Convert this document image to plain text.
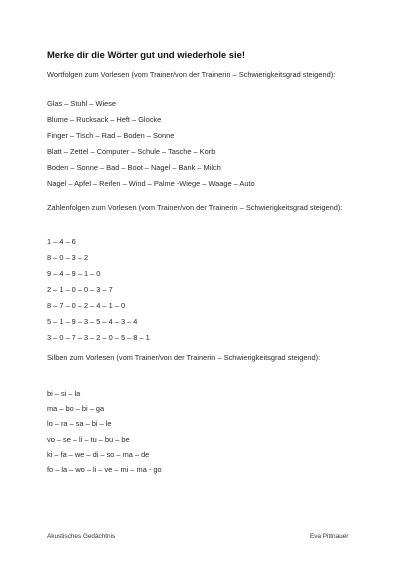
Merke dir die Wörter gut und wiederhole sie!
Wortfolgen zum Vorlesen (vom Trainer/von der Trainerin – Schwierigkeitsgrad steigend):
Glas – Stuhl – Wiese
Blume – Rucksack – Heft – Glocke
Finger – Tisch – Rad – Boden – Sonne
Blatt – Zettel – Computer – Schule – Tasche – Korb
Boden – Sonne – Bad – Boot – Nagel – Bank – Milch
Nagel – Apfel – Reifen – Wind – Palme -Wiege – Waage – Auto
Zahlenfolgen zum Vorlesen (vom Trainer/von der Trainerin – Schwierigkeitsgrad steigend):
1 – 4 – 6
8 – 0 – 3 – 2
9 – 4 – 9 – 1 – 0
2 – 1 – 0 – 0 – 3 – 7
8 – 7 – 0 – 2 – 4 – 1 – 0
5 – 1 – 9 – 3 – 5 – 4 – 3 – 4
3 – 0 – 7 – 3 – 2 – 0 – 5 – 8 – 1
Silben zum Vorlesen (vom Trainer/von der Trainerin – Schwierigkeitsgrad steigend):
bi – si – la
ma – bo – bi – ga
lo – ra – sa – bi – le
vo – se – li – tu – bu – be
ki – fa – we – di – so – ma – de
fo – la – wo – li – ve – mi – ma - go
Akustisches Gedächtnis	Eva Pittnauer
